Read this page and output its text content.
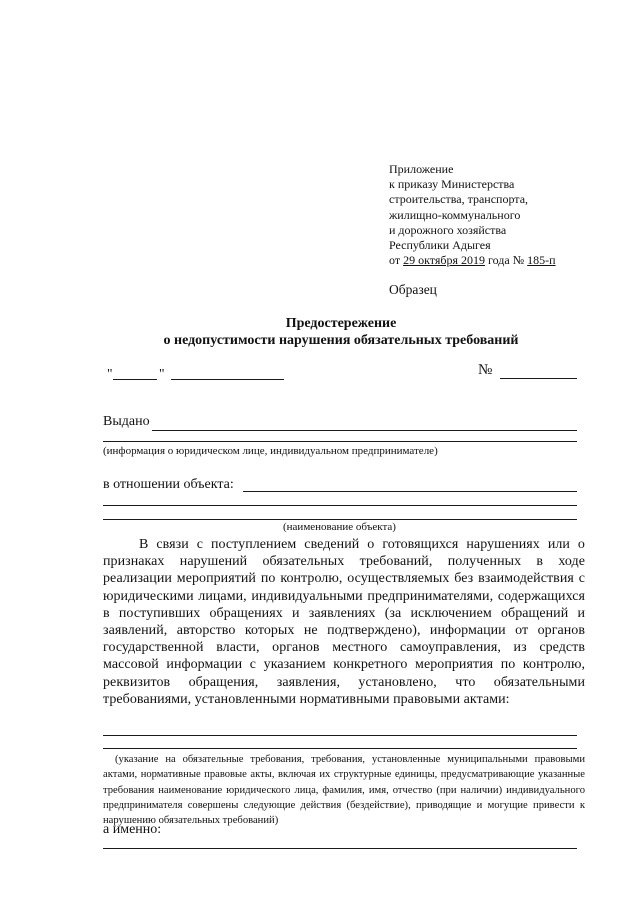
Приложение
к приказу Министерства
строительства, транспорта,
жилищно-коммунального
и дорожного хозяйства
Республики Адыгея
от 29 октября 2019 года № 185-п
Образец
Предостережение
о недопустимости нарушения обязательных требований
"	"	№
Выдано
(информация о юридическом лице, индивидуальном предпринимателе)
в отношении объекта:
(наименование объекта)
В связи с поступлением сведений о готовящихся нарушениях или о признаках нарушений обязательных требований, полученных в ходе реализации мероприятий по контролю, осуществляемых без взаимодействия с юридическими лицами, индивидуальными предпринимателями, содержащихся в поступивших обращениях и заявлениях (за исключением обращений и заявлений, авторство которых не подтверждено), информации от органов государственной власти, органов местного самоуправления, из средств массовой информации с указанием конкретного мероприятия по контролю, реквизитов обращения, заявления, установлено, что обязательными требованиями, установленными нормативными правовыми актами:
(указание на обязательные требования, требования, установленные муниципальными правовыми актами, нормативные правовые акты, включая их структурные единицы, предусматривающие указанные требования наименование юридического лица, фамилия, имя, отчество (при наличии) индивидуального предпринимателя совершены следующие действия (бездействие), приводящие и могущие привести к нарушению обязательных требований)
а именно:
